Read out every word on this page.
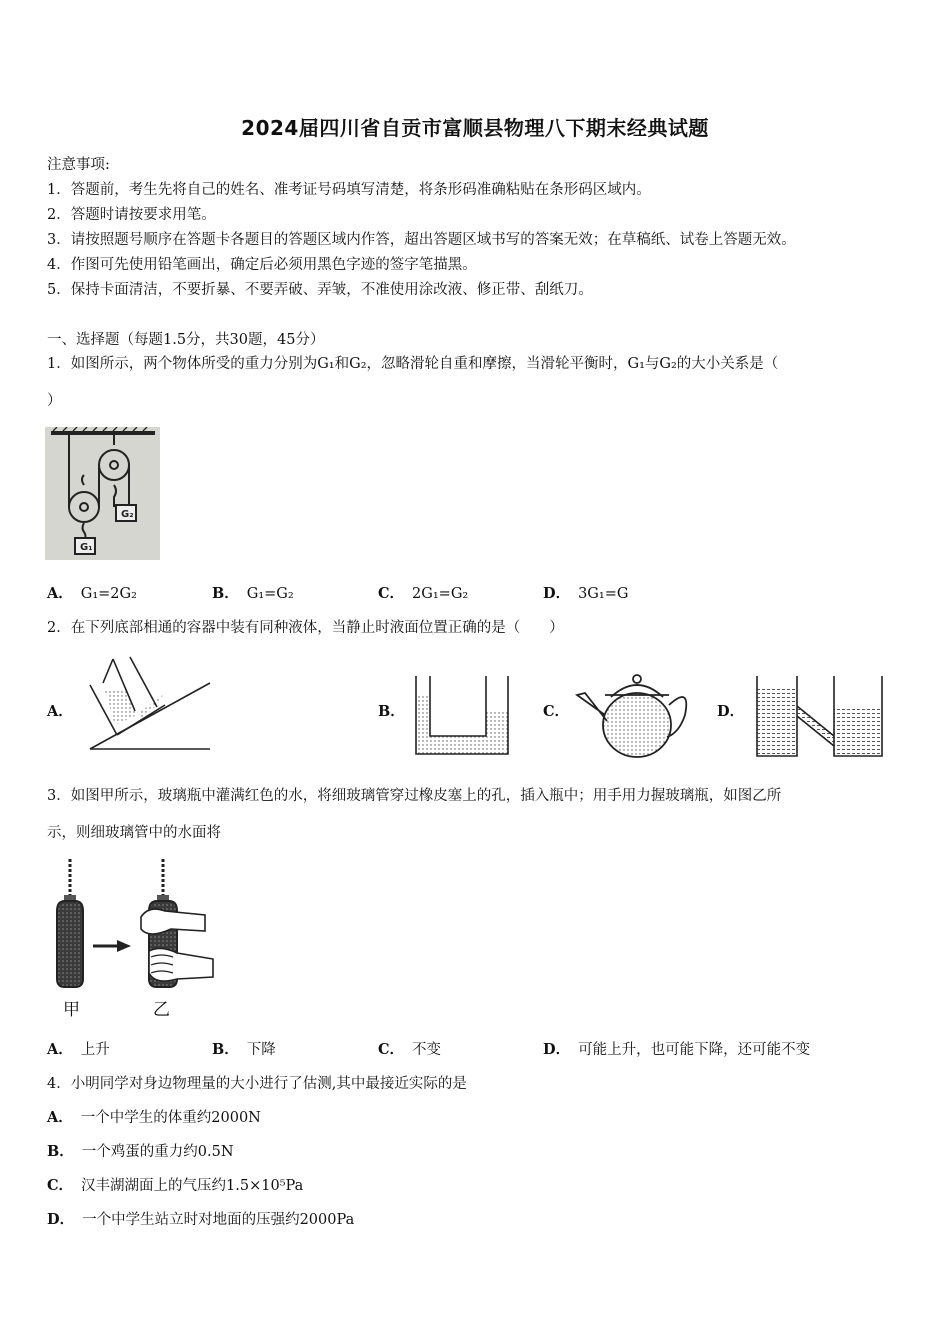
2024届四川省自贡市富顺县物理八下期末经典试题
注意事项:
1．答题前，考生先将自己的姓名、准考证号码填写清楚，将条形码准确粘贴在条形码区域内。
2．答题时请按要求用笔。
3．请按照题号顺序在答题卡各题目的答题区域内作答，超出答题区域书写的答案无效；在草稿纸、试卷上答题无效。
4．作图可先使用铅笔画出，确定后必须用黑色字迹的签字笔描黑。
5．保持卡面清洁，不要折暴、不要弄破、弄皱，不准使用涂改液、修正带、刮纸刀。
一、选择题（每题1.5分，共30题，45分）
1．如图所示，两个物体所受的重力分别为G₁和G₂，忽略滑轮自重和摩擦，当滑轮平衡时，G₁与G₂的大小关系是（
）
G₂
G₁
A． G₁=2G₂	B． G₁=G₂	C． 2G₁=G₂	D． 3G₁=G
2．在下列底部相通的容器中装有同种液体，当静止时液面位置正确的是（　　）
A．	B．	C．	D．
3．如图甲所示，玻璃瓶中灌满红色的水，将细玻璃管穿过橡皮塞上的孔，插入瓶中；用手用力握玻璃瓶，如图乙所
示，则细玻璃管中的水面将
甲	乙
A． 上升	B． 下降	C． 不变	D． 可能上升，也可能下降，还可能不变
4．小明同学对身边物理量的大小进行了估测,其中最接近实际的是
A． 一个中学生的体重约2000N
B． 一个鸡蛋的重力约0.5N
C． 汉丰湖湖面上的气压约1.5×10⁵Pa
D． 一个中学生站立时对地面的压强约2000Pa
